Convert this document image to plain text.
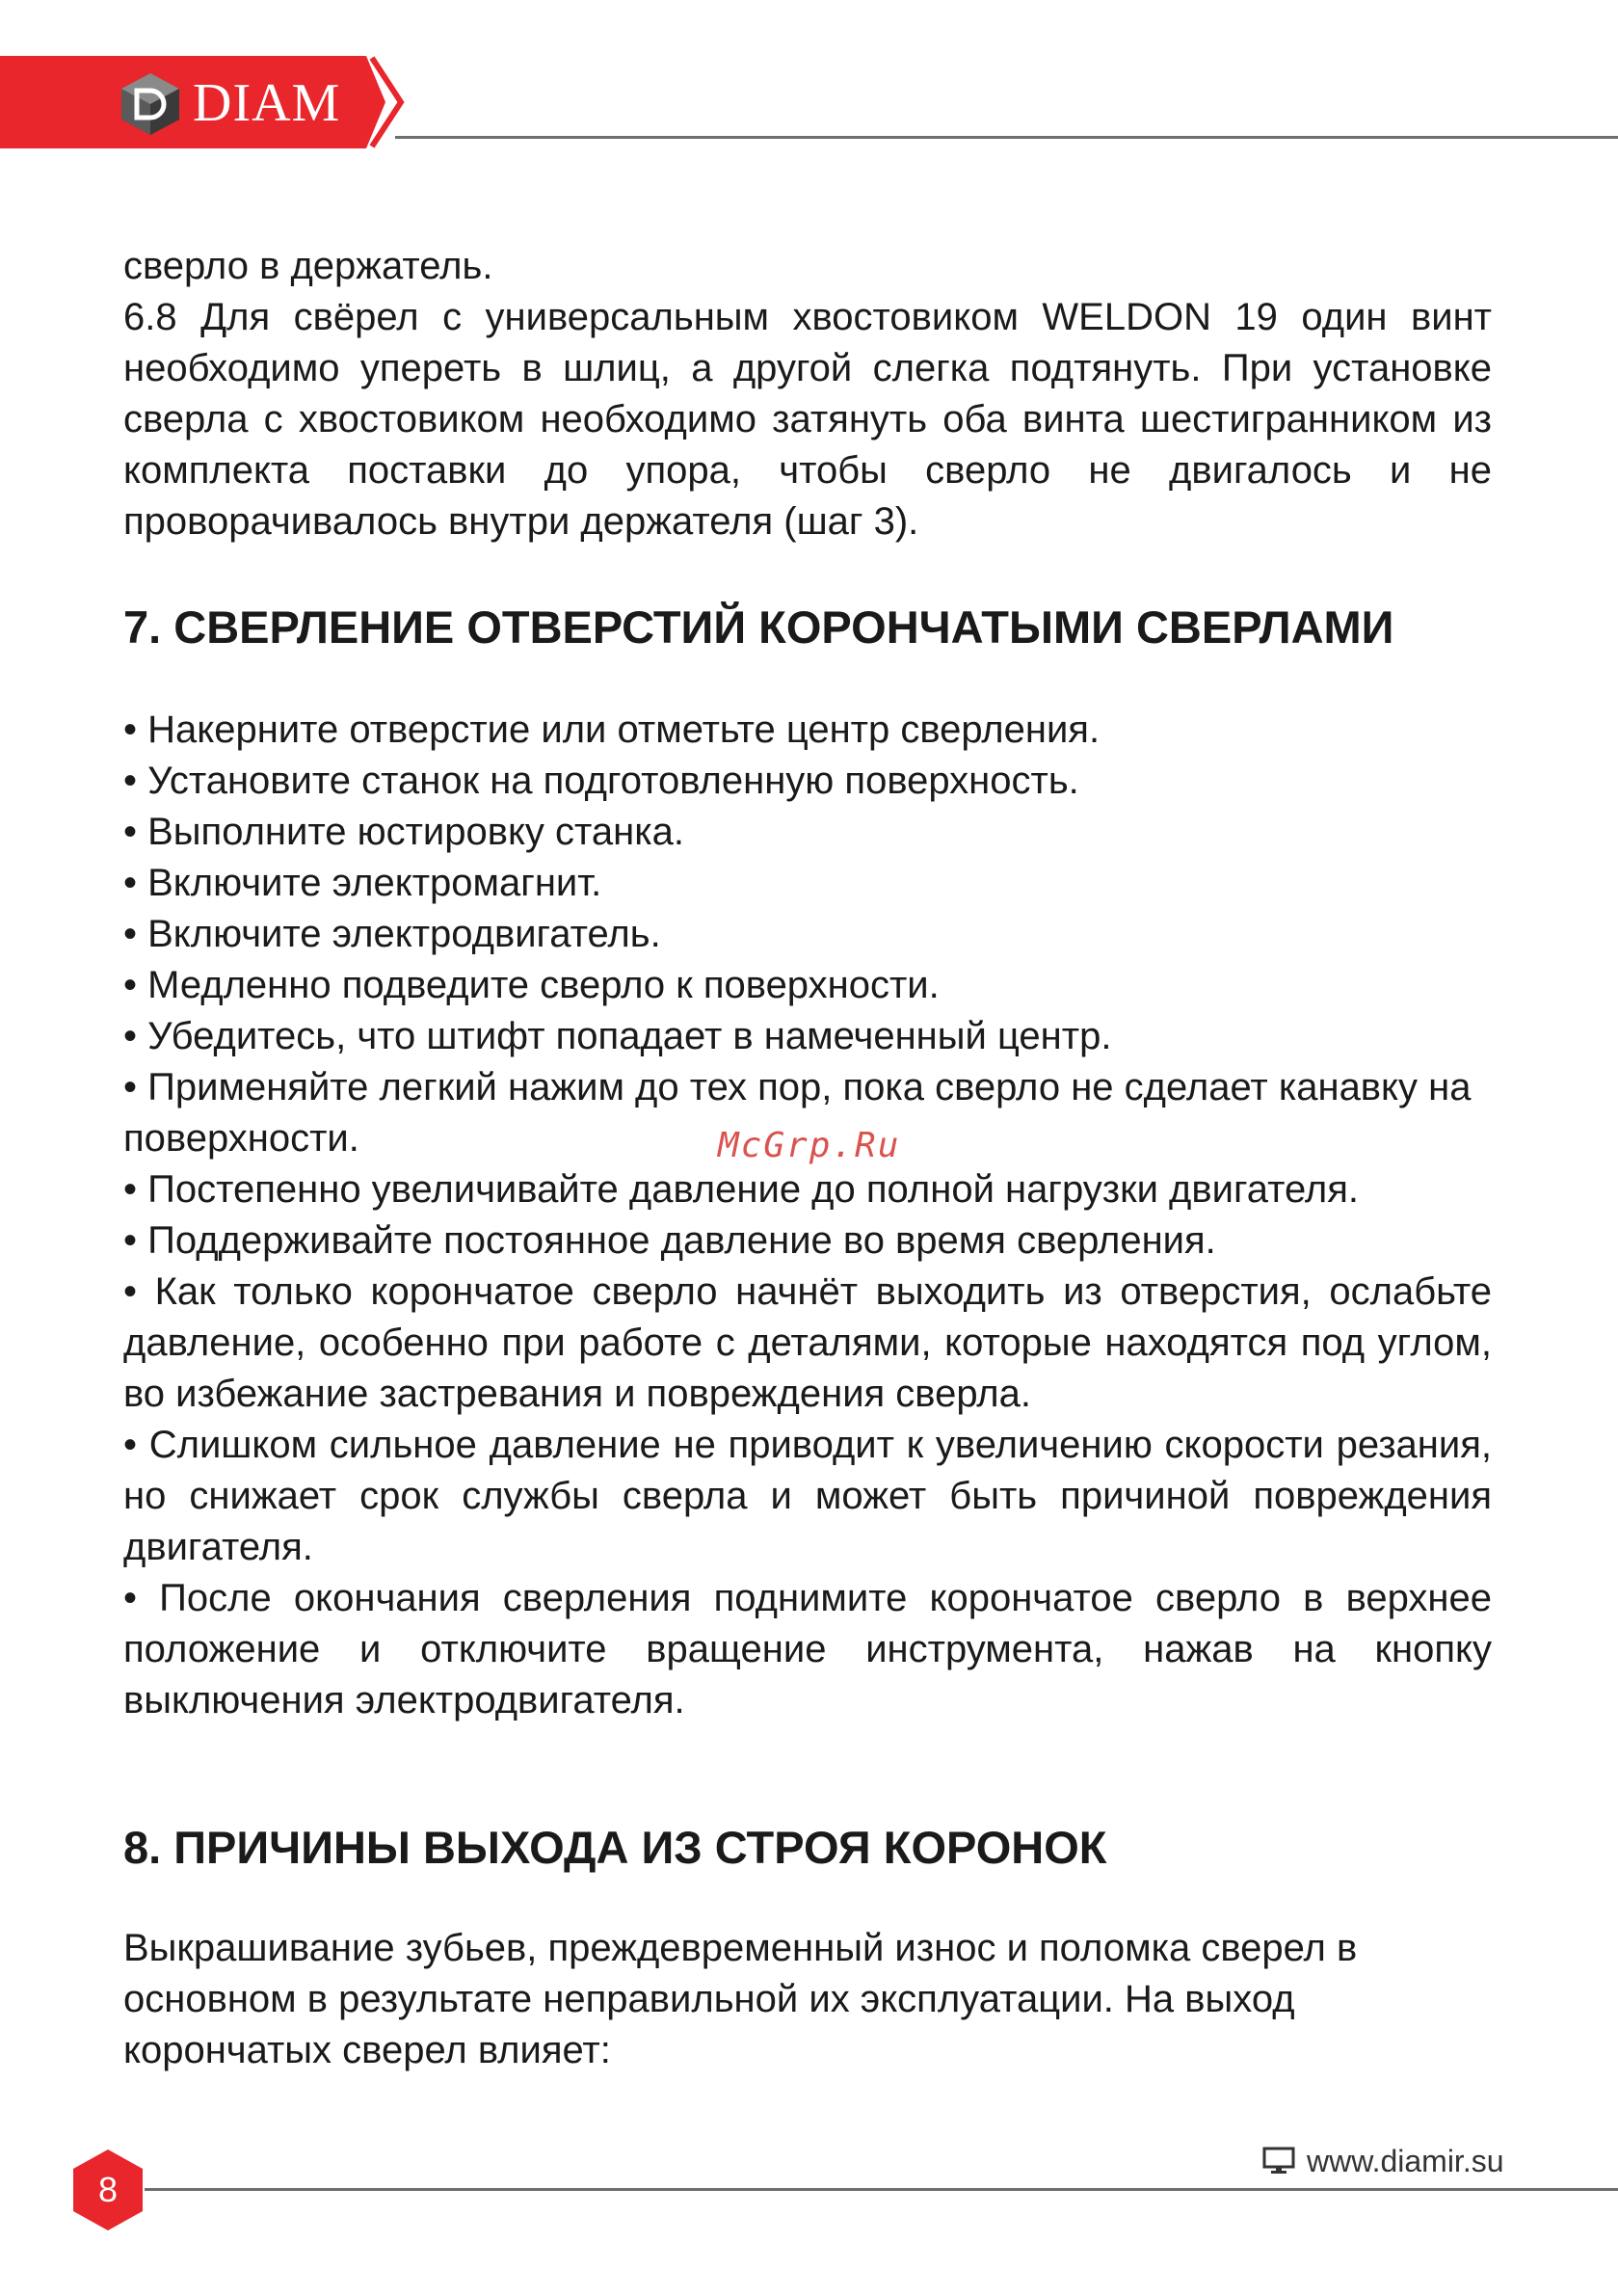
DIAM

сверло в держатель.

6.8 Для свёрел с универсальным хвостовиком WELDON 19 один винт необходимо упереть в шлиц, а другой слегка подтянуть. При установке сверла с хвостовиком необходимо затянуть оба винта шестигранником из комплекта поставки до упора, чтобы сверло не двигалось и не проворачивалось внутри держателя (шаг 3).

7. СВЕРЛЕНИЕ ОТВЕРСТИЙ КОРОНЧАТЫМИ СВЕРЛАМИ

• Накерните отверстие или отметьте центр сверления.

• Установите станок на подготовленную поверхность.

• Выполните юстировку станка.

• Включите электромагнит.

• Включите электродвигатель.

• Медленно подведите сверло к поверхности.

• Убедитесь, что штифт попадает в намеченный центр.

• Применяйте легкий нажим до тех пор, пока сверло не сделает канавку на поверхности.

• Постепенно увеличивайте давление до полной нагрузки двигателя.

• Поддерживайте постоянное давление во время сверления.

• Как только корончатое сверло начнёт выходить из отверстия, ослабьте давление, особенно при работе с деталями, которые находятся под углом, во избежание застревания и повреждения сверла.

• Слишком сильное давление не приводит к увеличению скорости резания, но снижает срок службы сверла и может быть причиной повреждения двигателя.

• После окончания сверления поднимите корончатое сверло в верхнее положение и отключите вращение инструмента, нажав на кнопку выключения электродвигателя.

8. ПРИЧИНЫ ВЫХОДА ИЗ СТРОЯ КОРОНОК

Выкрашивание зубьев, преждевременный износ и поломка сверел в основном в результате неправильной их эксплуатации. На выход корончатых сверел влияет:

McGrp.Ru
8
www.diamir.su
